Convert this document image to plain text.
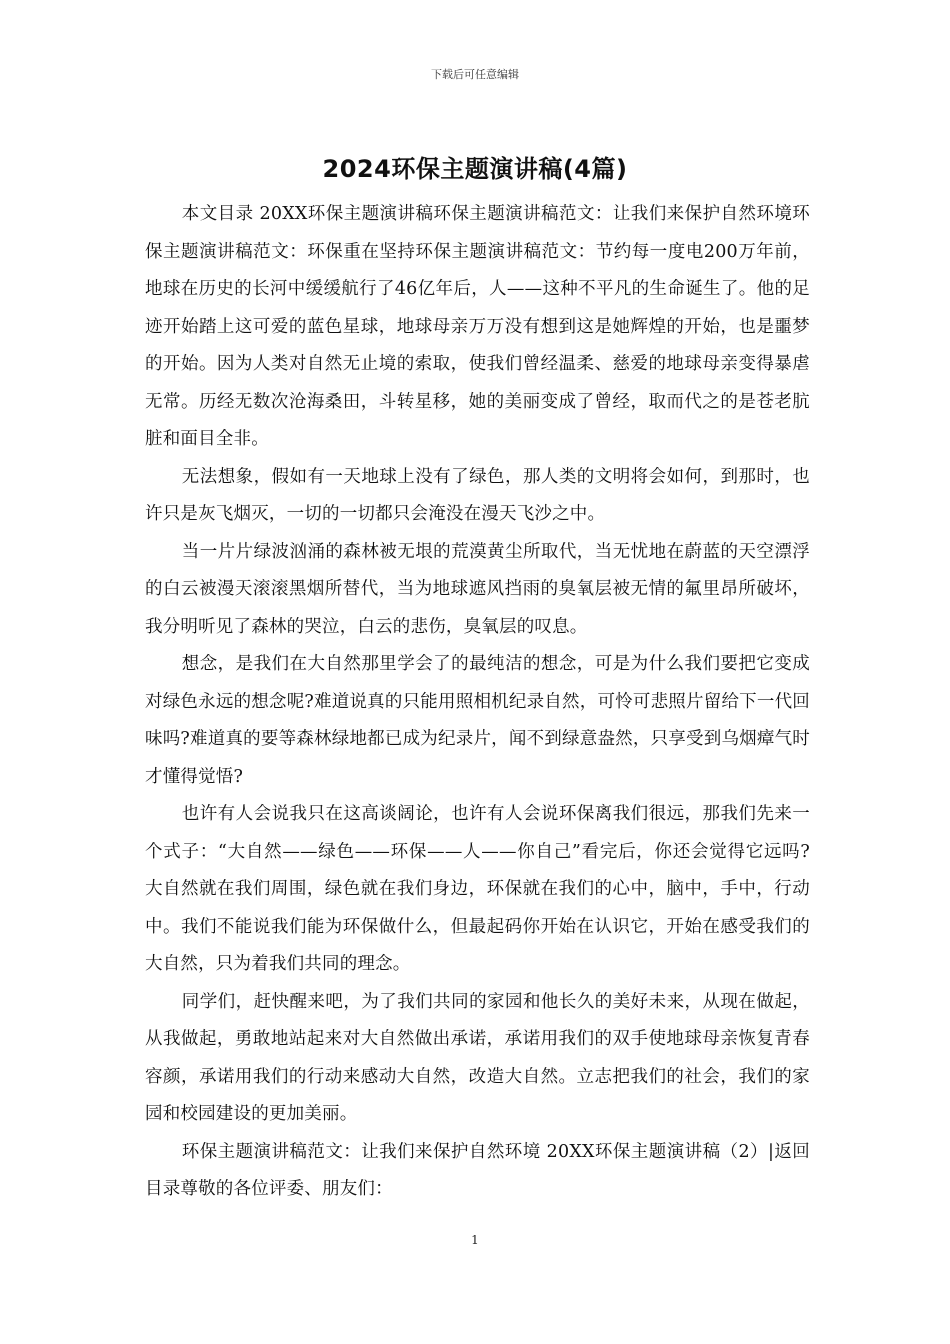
下载后可任意编辑
2024环保主题演讲稿(4篇)

本文目录 20XX环保主题演讲稿环保主题演讲稿范文：让我们来保护自然环境环保主题演讲稿范文：环保重在坚持环保主题演讲稿范文：节约每一度电200万年前，地球在历史的长河中缓缓航行了46亿年后，人——这种不平凡的生命诞生了。他的足迹开始踏上这可爱的蓝色星球，地球母亲万万没有想到这是她辉煌的开始，也是噩梦的开始。因为人类对自然无止境的索取，使我们曾经温柔、慈爱的地球母亲变得暴虐无常。历经无数次沧海桑田，斗转星移，她的美丽变成了曾经，取而代之的是苍老肮脏和面目全非。

无法想象，假如有一天地球上没有了绿色，那人类的文明将会如何，到那时，也许只是灰飞烟灭，一切的一切都只会淹没在漫天飞沙之中。

当一片片绿波汹涌的森林被无垠的荒漠黄尘所取代，当无忧地在蔚蓝的天空漂浮的白云被漫天滚滚黑烟所替代，当为地球遮风挡雨的臭氧层被无情的氟里昂所破坏，我分明听见了森林的哭泣，白云的悲伤，臭氧层的叹息。

想念，是我们在大自然那里学会了的最纯洁的想念，可是为什么我们要把它变成对绿色永远的想念呢?难道说真的只能用照相机纪录自然，可怜可悲照片留给下一代回味吗?难道真的要等森林绿地都已成为纪录片，闻不到绿意盎然，只享受到乌烟瘴气时才懂得觉悟?

也许有人会说我只在这高谈阔论，也许有人会说环保离我们很远，那我们先来一个式子：“大自然——绿色——环保——人——你自己”看完后，你还会觉得它远吗?大自然就在我们周围，绿色就在我们身边，环保就在我们的心中，脑中，手中，行动中。我们不能说我们能为环保做什么，但最起码你开始在认识它，开始在感受我们的大自然，只为着我们共同的理念。

同学们，赶快醒来吧，为了我们共同的家园和他长久的美好未来，从现在做起，从我做起，勇敢地站起来对大自然做出承诺，承诺用我们的双手使地球母亲恢复青春容颜，承诺用我们的行动来感动大自然，改造大自然。立志把我们的社会，我们的家园和校园建设的更加美丽。

环保主题演讲稿范文：让我们来保护自然环境 20XX环保主题演讲稿（2）|返回目录尊敬的各位评委、朋友们：

1
